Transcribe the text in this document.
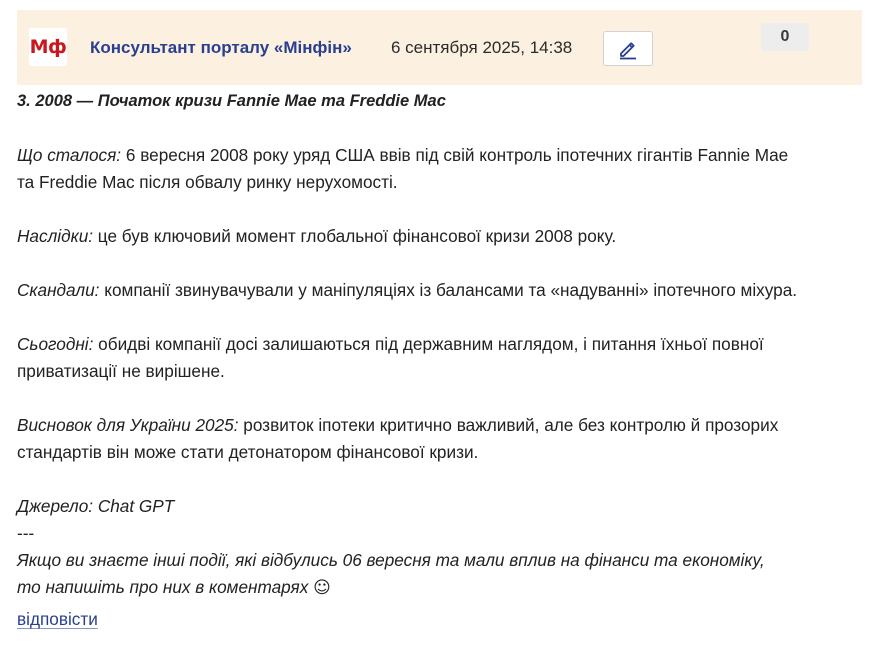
Мф Консультант порталу «Мінфін» 6 сентября 2025, 14:38
0

3. 2008 — Початок кризи Fannie Mae та Freddie Mac

Що сталося: 6 вересня 2008 року уряд США ввів під свій контроль іпотечних гігантів Fannie Mae

та Freddie Mac після обвалу ринку нерухомості.

Наслідки: це був ключовий момент глобальної фінансової кризи 2008 року.

Скандали: компанії звинувачували у маніпуляціях із балансами та «надуванні» іпотечного міхура.

Сьогодні: обидві компанії досі залишаються під державним наглядом, і питання їхньої повної

приватизації не вирішене.

Висновок для України 2025: розвиток іпотеки критично важливий, але без контролю й прозорих

стандартів він може стати детонатором фінансової кризи.

Джерело: Chat GPT

---

Якщо ви знаєте інші події, які відбулись 06 вересня та мали вплив на фінанси та економіку,

то напишіть про них в коментарях ☺

відповісти
